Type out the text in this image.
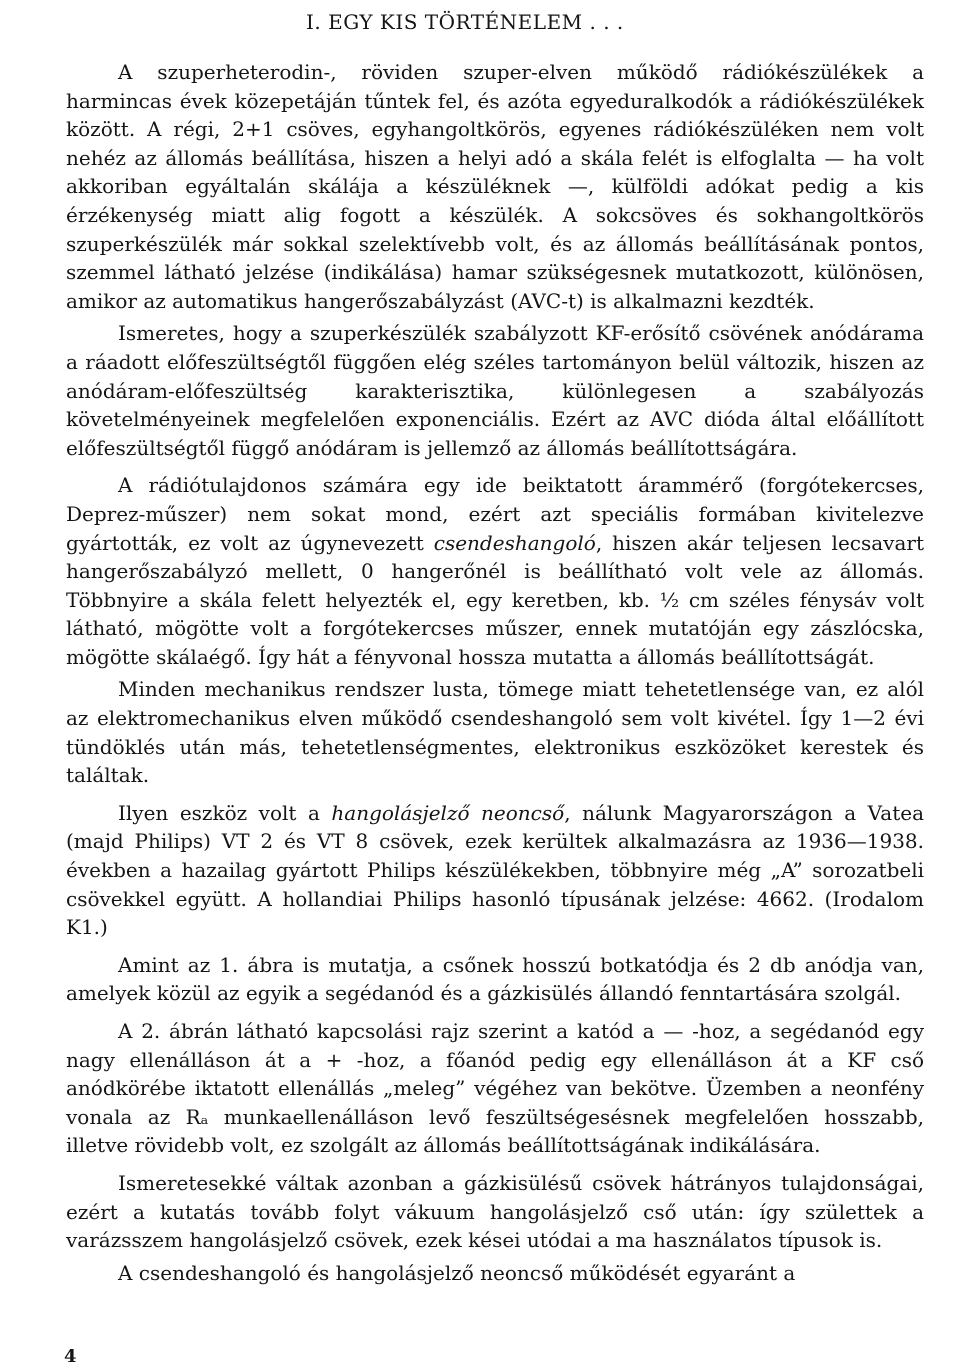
I. EGY KIS TÖRTÉNELEM . . .

A szuperheterodin-, röviden szuper-elven működő rádiókészülékek a harmincas évek közepetáján tűntek fel, és azóta egyeduralkodók a rádiókészülékek között. A régi, 2+1 csöves, egyhangoltkörös, egyenes rádiókészüléken nem volt nehéz az állomás beállítása, hiszen a helyi adó a skála felét is elfoglalta — ha volt akkoriban egyáltalán skálája a készüléknek —, külföldi adókat pedig a kis érzékenység miatt alig fogott a készülék. A sokcsöves és sokhangoltkörös szuperkészülék már sokkal szelektívebb volt, és az állomás beállításának pontos, szemmel látható jelzése (indikálása) hamar szükségesnek mutatkozott, különösen, amikor az automatikus hangerőszabályzást (AVC-t) is alkalmazni kezdték.

Ismeretes, hogy a szuperkészülék szabályzott KF-erősítő csövének anódárama a ráadott előfeszültségtől függően elég széles tartományon belül változik, hiszen az anódáram-előfeszültség karakterisztika, különlegesen a szabályozás követelményeinek megfelelően exponenciális. Ezért az AVC dióda által előállított előfeszültségtől függő anódáram is jellemző az állomás beállítottságára.

A rádiótulajdonos számára egy ide beiktatott árammérő (forgótekercses, Deprez-műszer) nem sokat mond, ezért azt speciális formában kivitelezve gyártották, ez volt az úgynevezett csendeshangoló, hiszen akár teljesen lecsavart hangerőszabályzó mellett, 0 hangerőnél is beállítható volt vele az állomás. Többnyire a skála felett helyezték el, egy keretben, kb. ½ cm széles fénysáv volt látható, mögötte volt a forgótekercses műszer, ennek mutatóján egy zászlócska, mögötte skálaégő. Így hát a fényvonal hossza mutatta a állomás beállítottságát.

Minden mechanikus rendszer lusta, tömege miatt tehetetlensége van, ez alól az elektromechanikus elven működő csendeshangoló sem volt kivétel. Így 1—2 évi tündöklés után más, tehetetlenségmentes, elektronikus eszközöket kerestek és találtak.

Ilyen eszköz volt a hangolásjelző neoncső, nálunk Magyarországon a Vatea (majd Philips) VT 2 és VT 8 csövek, ezek kerültek alkalmazásra az 1936—1938. években a hazailag gyártott Philips készülékekben, többnyire még „A” sorozatbeli csövekkel együtt. A hollandiai Philips hasonló típusának jelzése: 4662. (Irodalom K1.)

Amint az 1. ábra is mutatja, a csőnek hosszú botkatódja és 2 db anódja van, amelyek közül az egyik a segédanód és a gázkisülés állandó fenntartására szolgál.

A 2. ábrán látható kapcsolási rajz szerint a katód a — -hoz, a segédanód egy nagy ellenálláson át a + -hoz, a főanód pedig egy ellenálláson át a KF cső anódkörébe iktatott ellenállás „meleg” végéhez van bekötve. Üzemben a neonfény vonala az Rₐ munkaellenálláson levő feszültségesésnek megfelelően hosszabb, illetve rövidebb volt, ez szolgált az állomás beállítottságának indikálására.

Ismeretesekké váltak azonban a gázkisülésű csövek hátrányos tulajdonságai, ezért a kutatás tovább folyt vákuum hangolásjelző cső után: így születtek a varázsszem hangolásjelző csövek, ezek kései utódai a ma használatos típusok is.

A csendeshangoló és hangolásjelző neoncső működését egyaránt a

4
